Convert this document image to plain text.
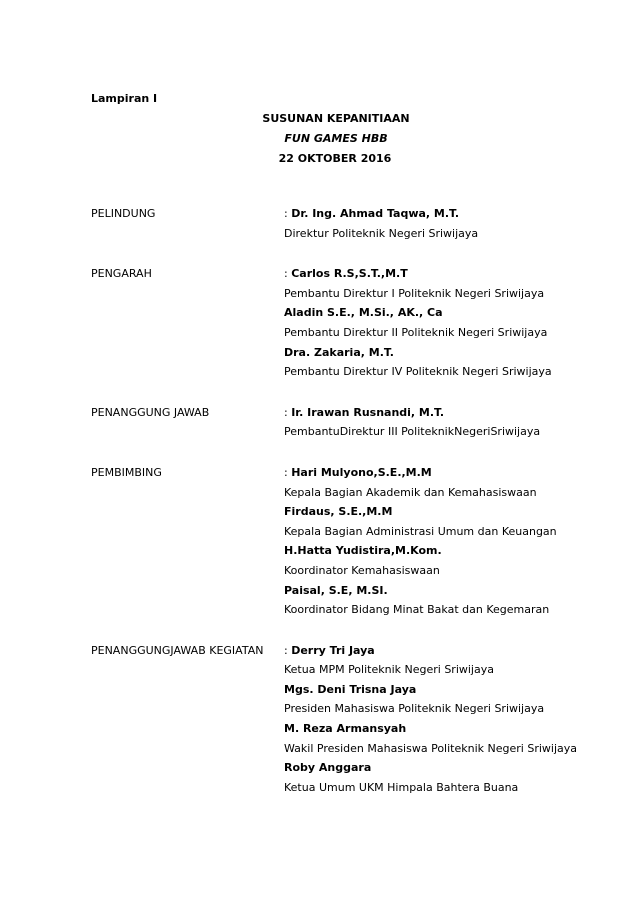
Lampiran I
SUSUNAN KEPANITIAAN
FUN GAMES HBB
22 OKTOBER 2016
PELINDUNG	: Dr. Ing. Ahmad Taqwa, M.T.
Direktur Politeknik Negeri Sriwijaya
PENGARAH	: Carlos R.S,S.T.,M.T
Pembantu Direktur I Politeknik Negeri Sriwijaya
Aladin S.E., M.Si., AK., Ca
Pembantu Direktur II Politeknik Negeri Sriwijaya
Dra. Zakaria, M.T.
Pembantu Direktur IV Politeknik Negeri Sriwijaya
PENANGGUNG JAWAB	: Ir. Irawan Rusnandi, M.T.
PembantuDirektur III PoliteknikNegeriSriwijaya
PEMBIMBING	: Hari Mulyono,S.E.,M.M
Kepala Bagian Akademik dan Kemahasiswaan
Firdaus, S.E.,M.M
Kepala Bagian Administrasi Umum dan Keuangan
H.Hatta Yudistira,M.Kom.
Koordinator Kemahasiswaan
Paisal, S.E, M.SI.
Koordinator Bidang Minat Bakat dan Kegemaran
PENANGGUNGJAWAB KEGIATAN	: Derry Tri Jaya
Ketua MPM Politeknik Negeri Sriwijaya
Mgs. Deni Trisna Jaya
Presiden Mahasiswa Politeknik Negeri Sriwijaya
M. Reza Armansyah
Wakil Presiden Mahasiswa Politeknik Negeri Sriwijaya
Roby Anggara
Ketua Umum UKM Himpala Bahtera Buana
